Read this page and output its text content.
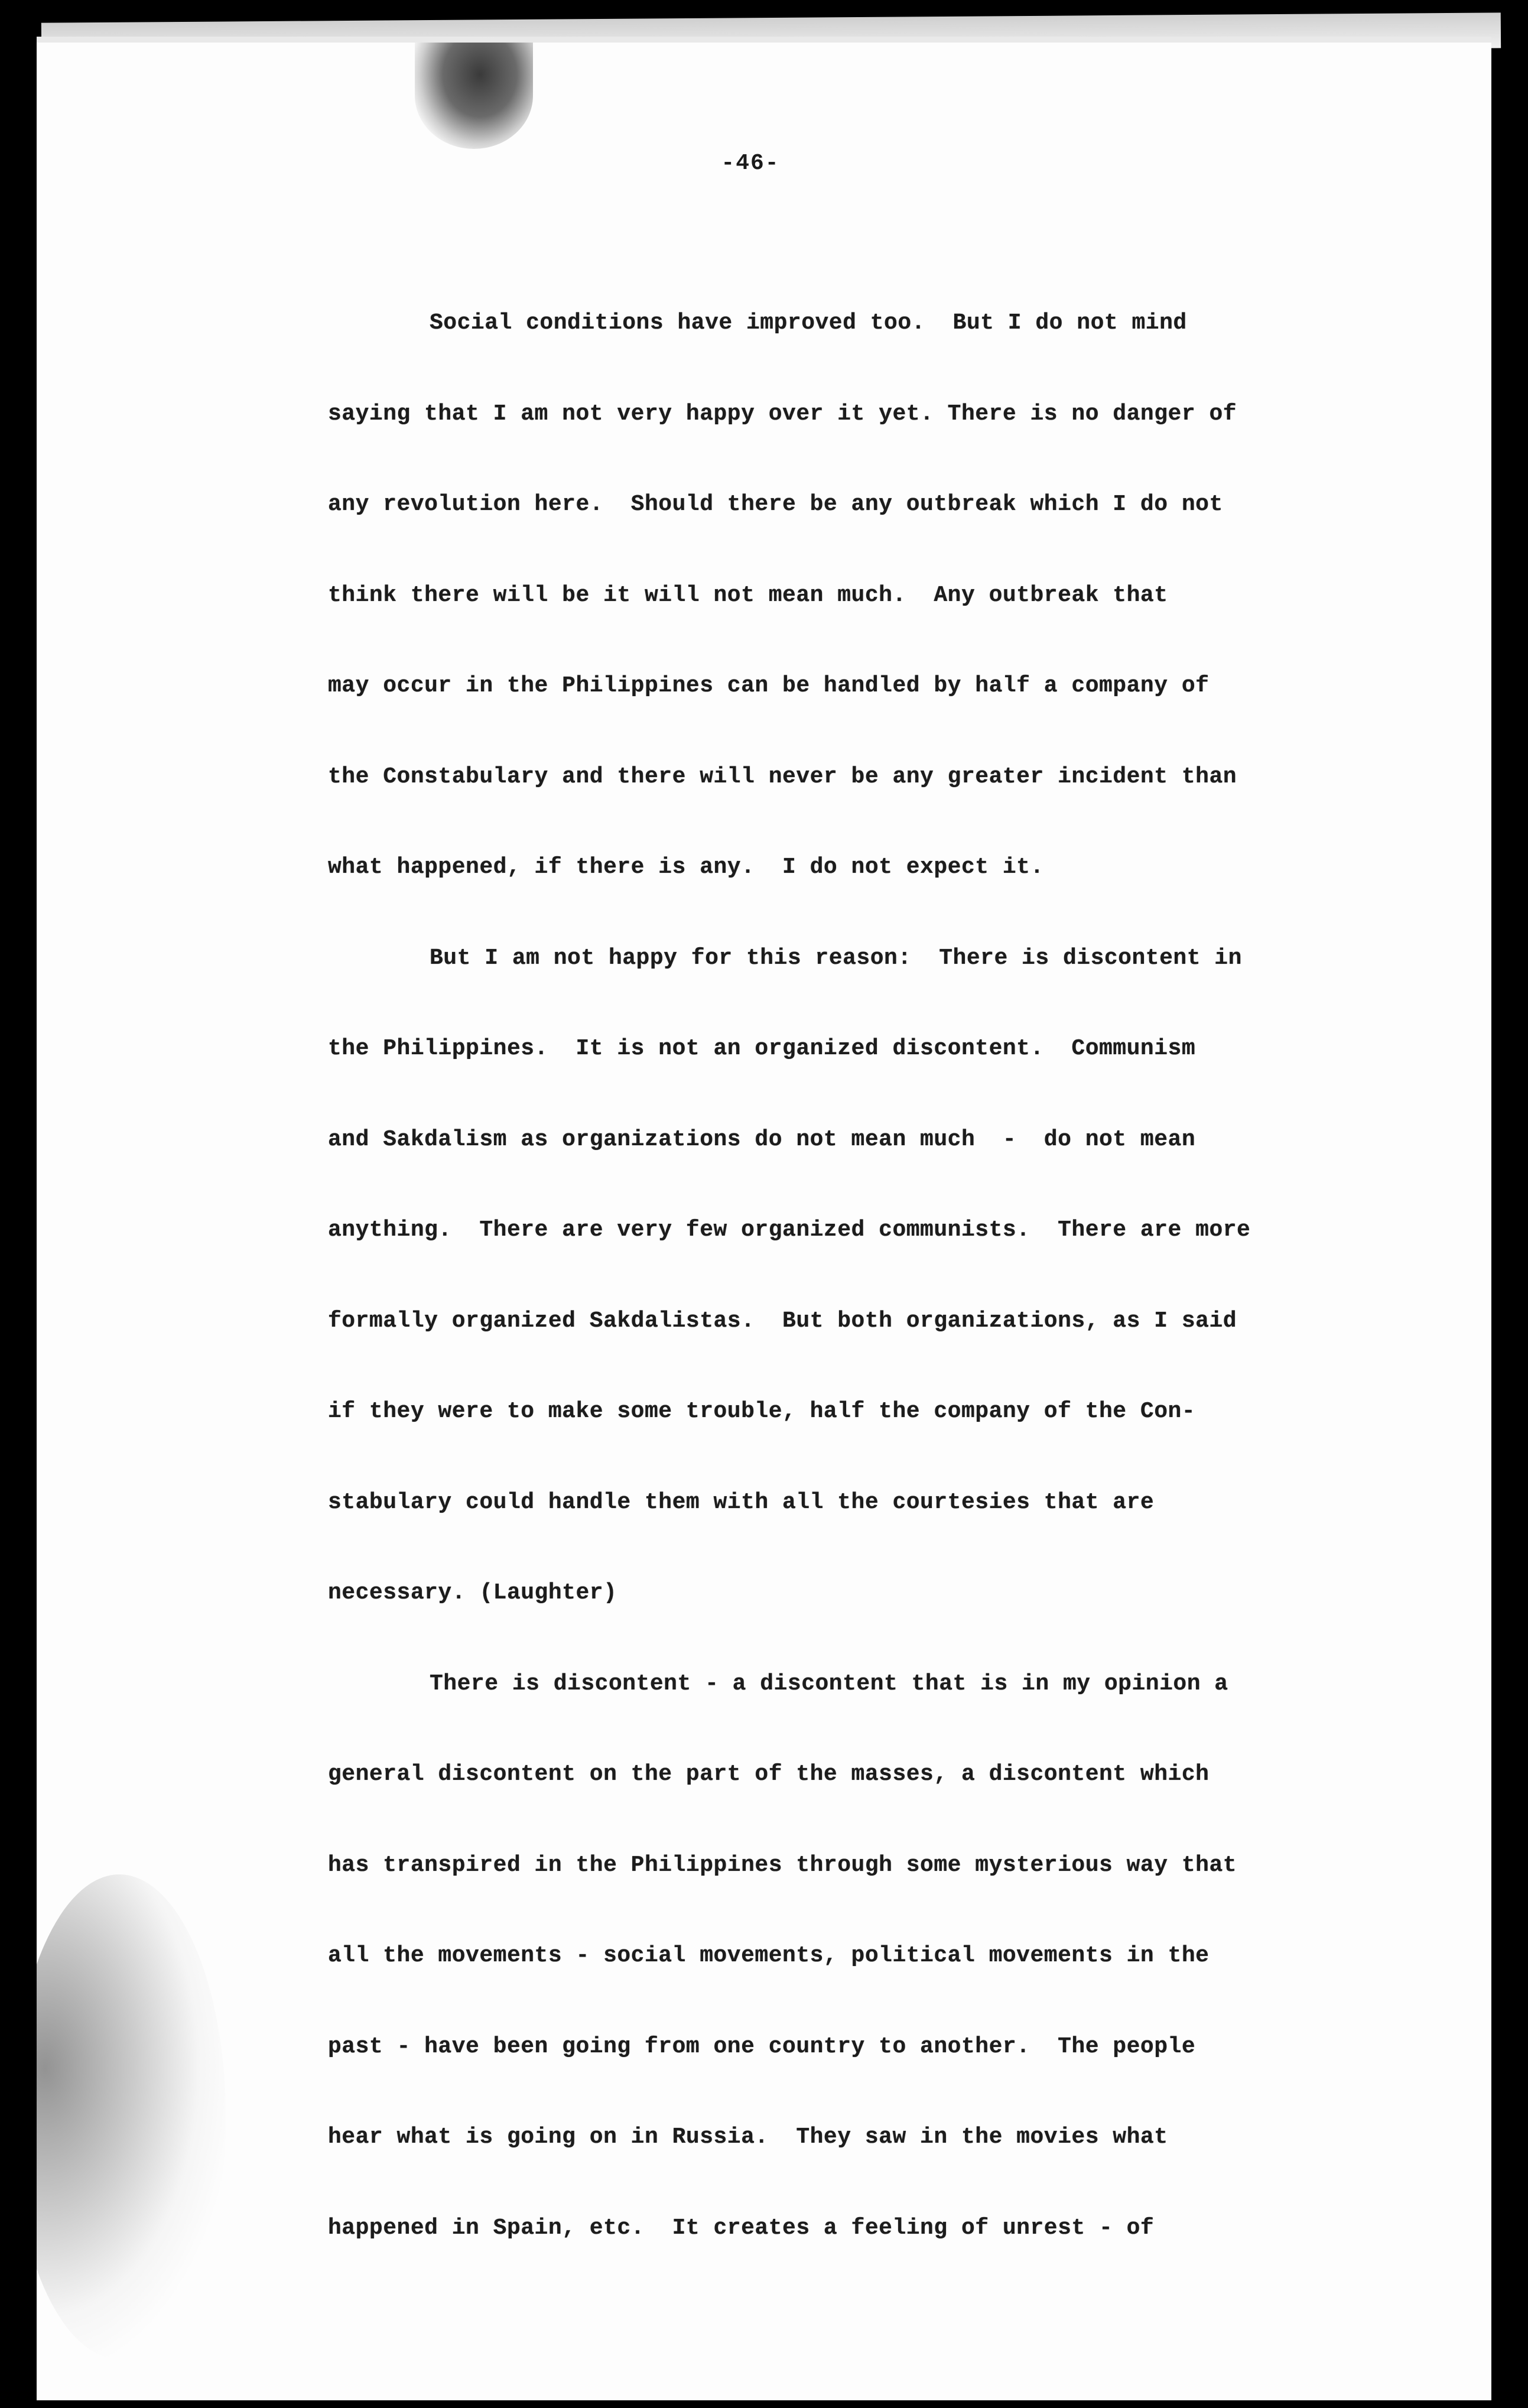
-46-
Social conditions have improved too.  But I do not mind
saying that I am not very happy over it yet. There is no danger of
any revolution here.  Should there be any outbreak which I do not
think there will be it will not mean much.  Any outbreak that
may occur in the Philippines can be handled by half a company of
the Constabulary and there will never be any greater incident than
what happened, if there is any.  I do not expect it.
But I am not happy for this reason:  There is discontent in
the Philippines.  It is not an organized discontent.  Communism
and Sakdalism as organizations do not mean much  -  do not mean
anything.  There are very few organized communists.  There are more
formally organized Sakdalistas.  But both organizations, as I said
if they were to make some trouble, half the company of the Con-
stabulary could handle them with all the courtesies that are
necessary. (Laughter)
There is discontent - a discontent that is in my opinion a
general discontent on the part of the masses, a discontent which
has transpired in the Philippines through some mysterious way that
all the movements - social movements, political movements in the
past - have been going from one country to another.  The people
hear what is going on in Russia.  They saw in the movies what
happened in Spain, etc.  It creates a feeling of unrest - of
